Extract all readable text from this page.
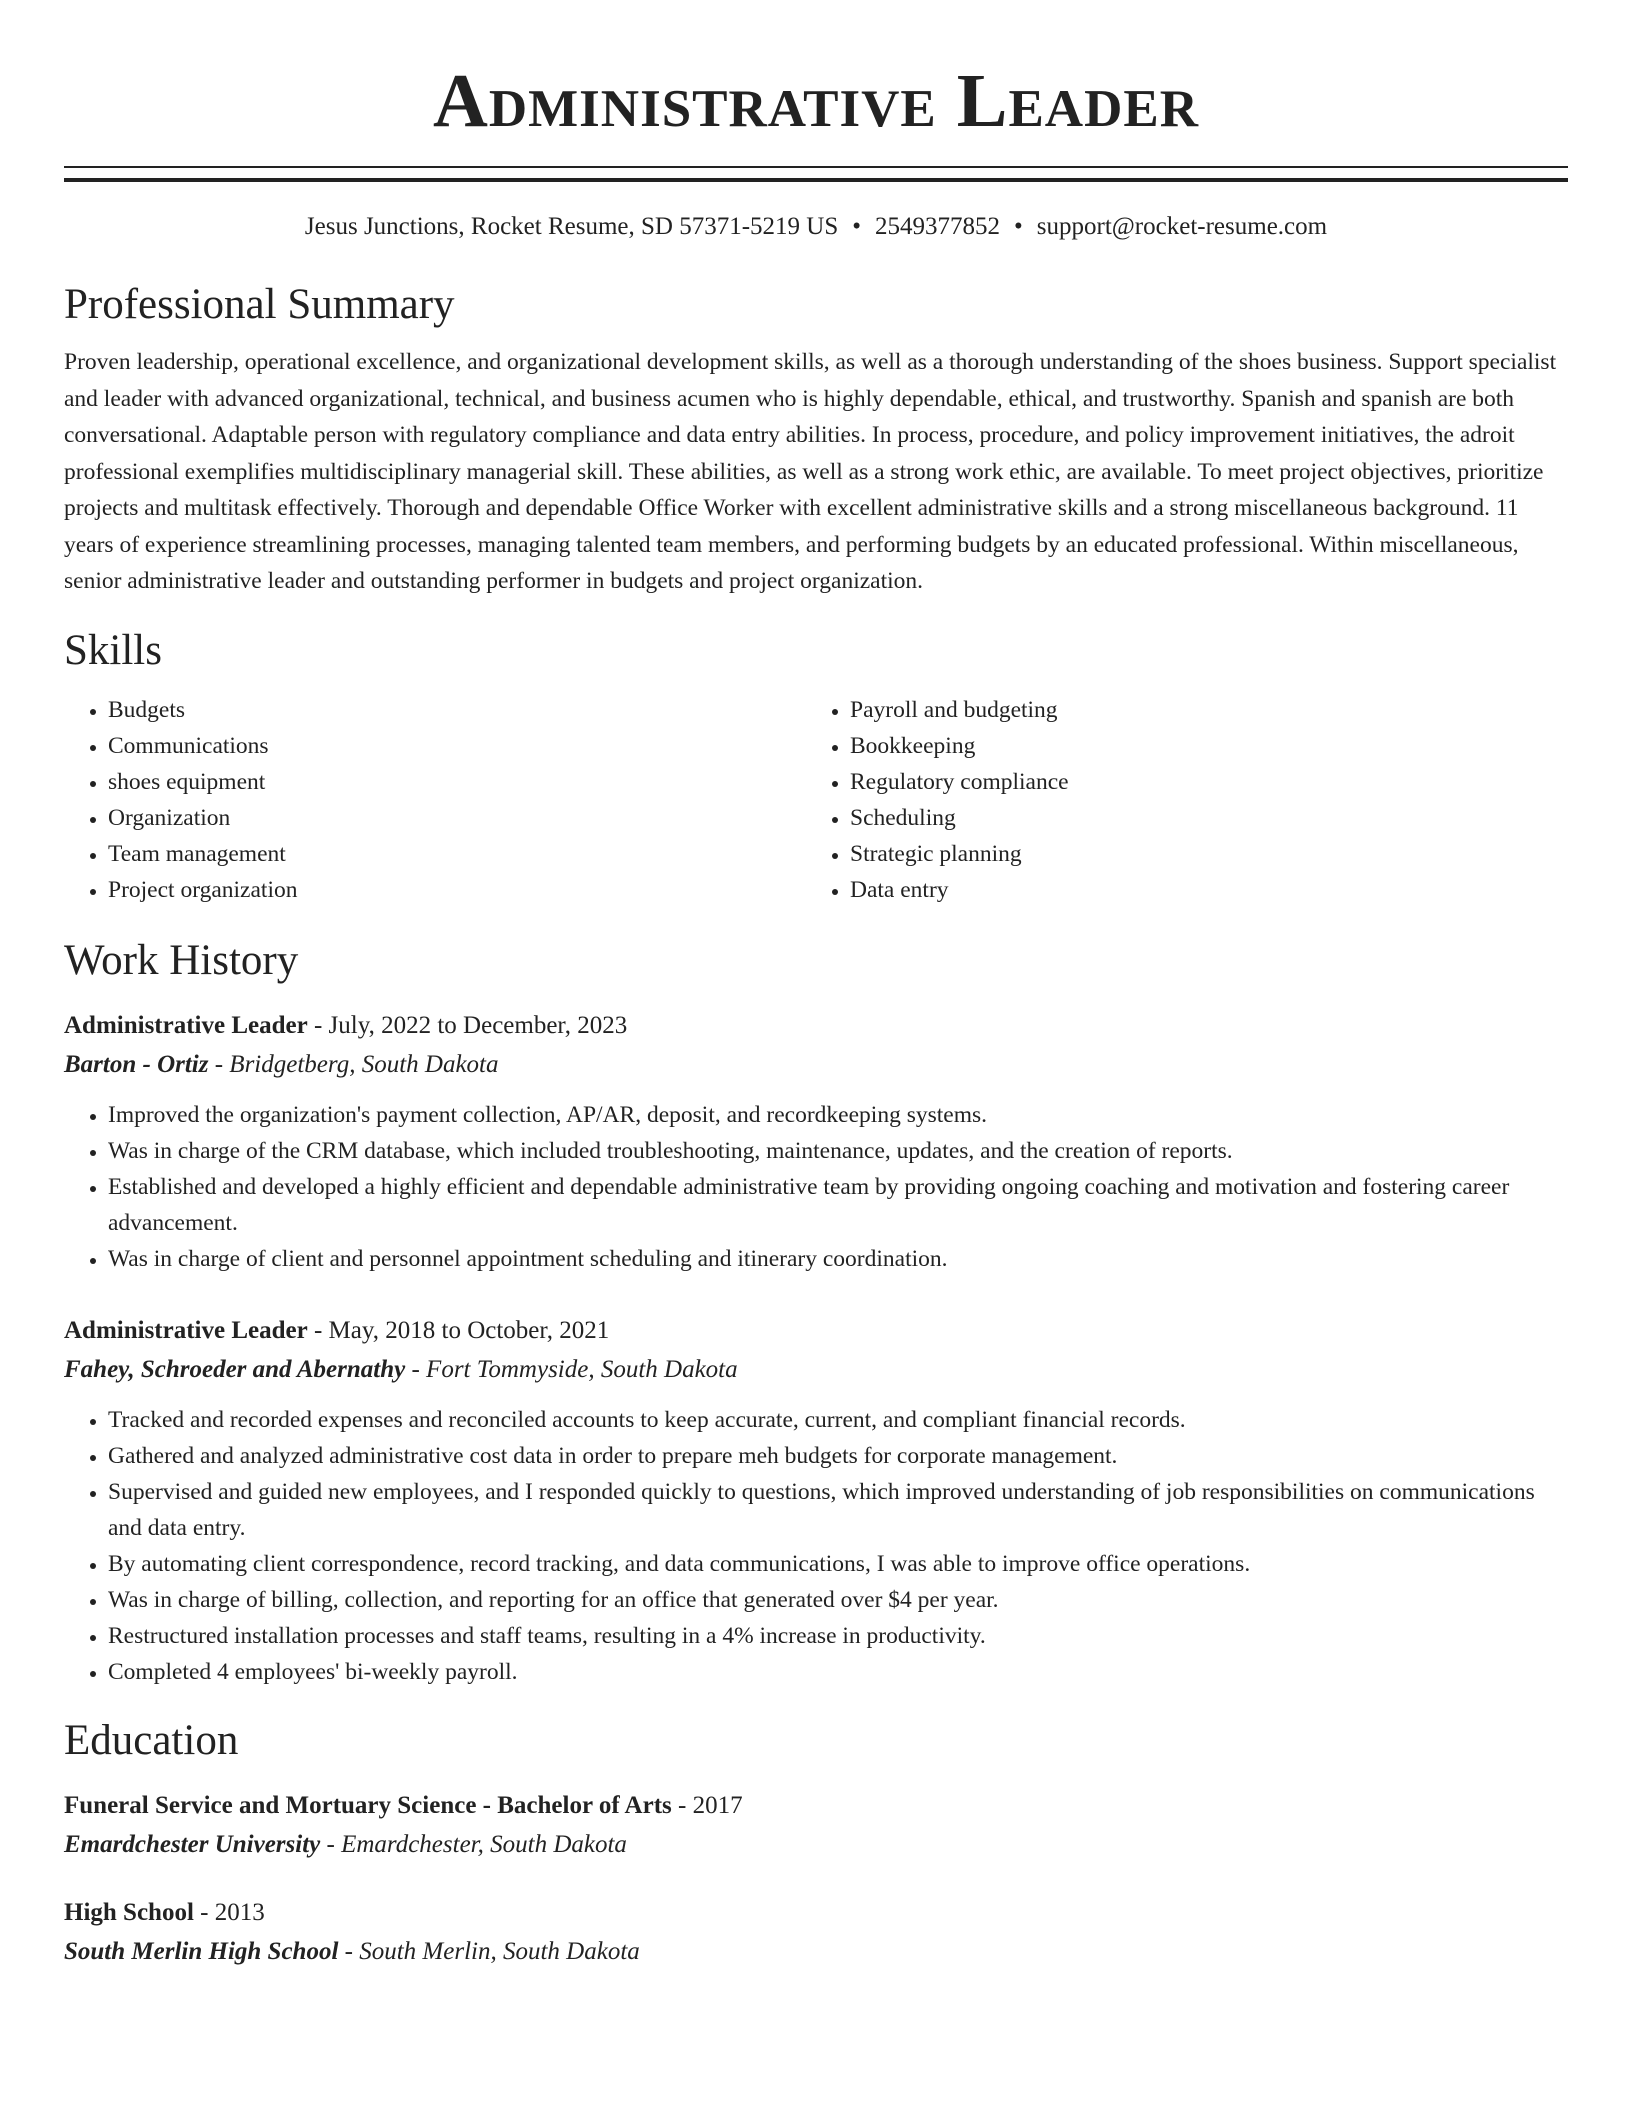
Administrative Leader
Jesus Junctions, Rocket Resume, SD 57371-5219 US • 2549377852 • support@rocket-resume.com
Professional Summary
Proven leadership, operational excellence, and organizational development skills, as well as a thorough understanding of the shoes business. Support specialist and leader with advanced organizational, technical, and business acumen who is highly dependable, ethical, and trustworthy. Spanish and spanish are both conversational. Adaptable person with regulatory compliance and data entry abilities. In process, procedure, and policy improvement initiatives, the adroit professional exemplifies multidisciplinary managerial skill. These abilities, as well as a strong work ethic, are available. To meet project objectives, prioritize projects and multitask effectively. Thorough and dependable Office Worker with excellent administrative skills and a strong miscellaneous background. 11 years of experience streamlining processes, managing talented team members, and performing budgets by an educated professional. Within miscellaneous, senior administrative leader and outstanding performer in budgets and project organization.
Skills
• Budgets
• Communications
• shoes equipment
• Organization
• Team management
• Project organization
• Payroll and budgeting
• Bookkeeping
• Regulatory compliance
• Scheduling
• Strategic planning
• Data entry
Work History
Administrative Leader - July, 2022 to December, 2023
Barton - Ortiz - Bridgetberg, South Dakota
• Improved the organization's payment collection, AP/AR, deposit, and recordkeeping systems.
• Was in charge of the CRM database, which included troubleshooting, maintenance, updates, and the creation of reports.
• Established and developed a highly efficient and dependable administrative team by providing ongoing coaching and motivation and fostering career advancement.
• Was in charge of client and personnel appointment scheduling and itinerary coordination.
Administrative Leader - May, 2018 to October, 2021
Fahey, Schroeder and Abernathy - Fort Tommyside, South Dakota
• Tracked and recorded expenses and reconciled accounts to keep accurate, current, and compliant financial records.
• Gathered and analyzed administrative cost data in order to prepare meh budgets for corporate management.
• Supervised and guided new employees, and I responded quickly to questions, which improved understanding of job responsibilities on communications and data entry.
• By automating client correspondence, record tracking, and data communications, I was able to improve office operations.
• Was in charge of billing, collection, and reporting for an office that generated over $4 per year.
• Restructured installation processes and staff teams, resulting in a 4% increase in productivity.
• Completed 4 employees' bi-weekly payroll.
Education
Funeral Service and Mortuary Science - Bachelor of Arts - 2017
Emardchester University - Emardchester, South Dakota
High School - 2013
South Merlin High School - South Merlin, South Dakota
